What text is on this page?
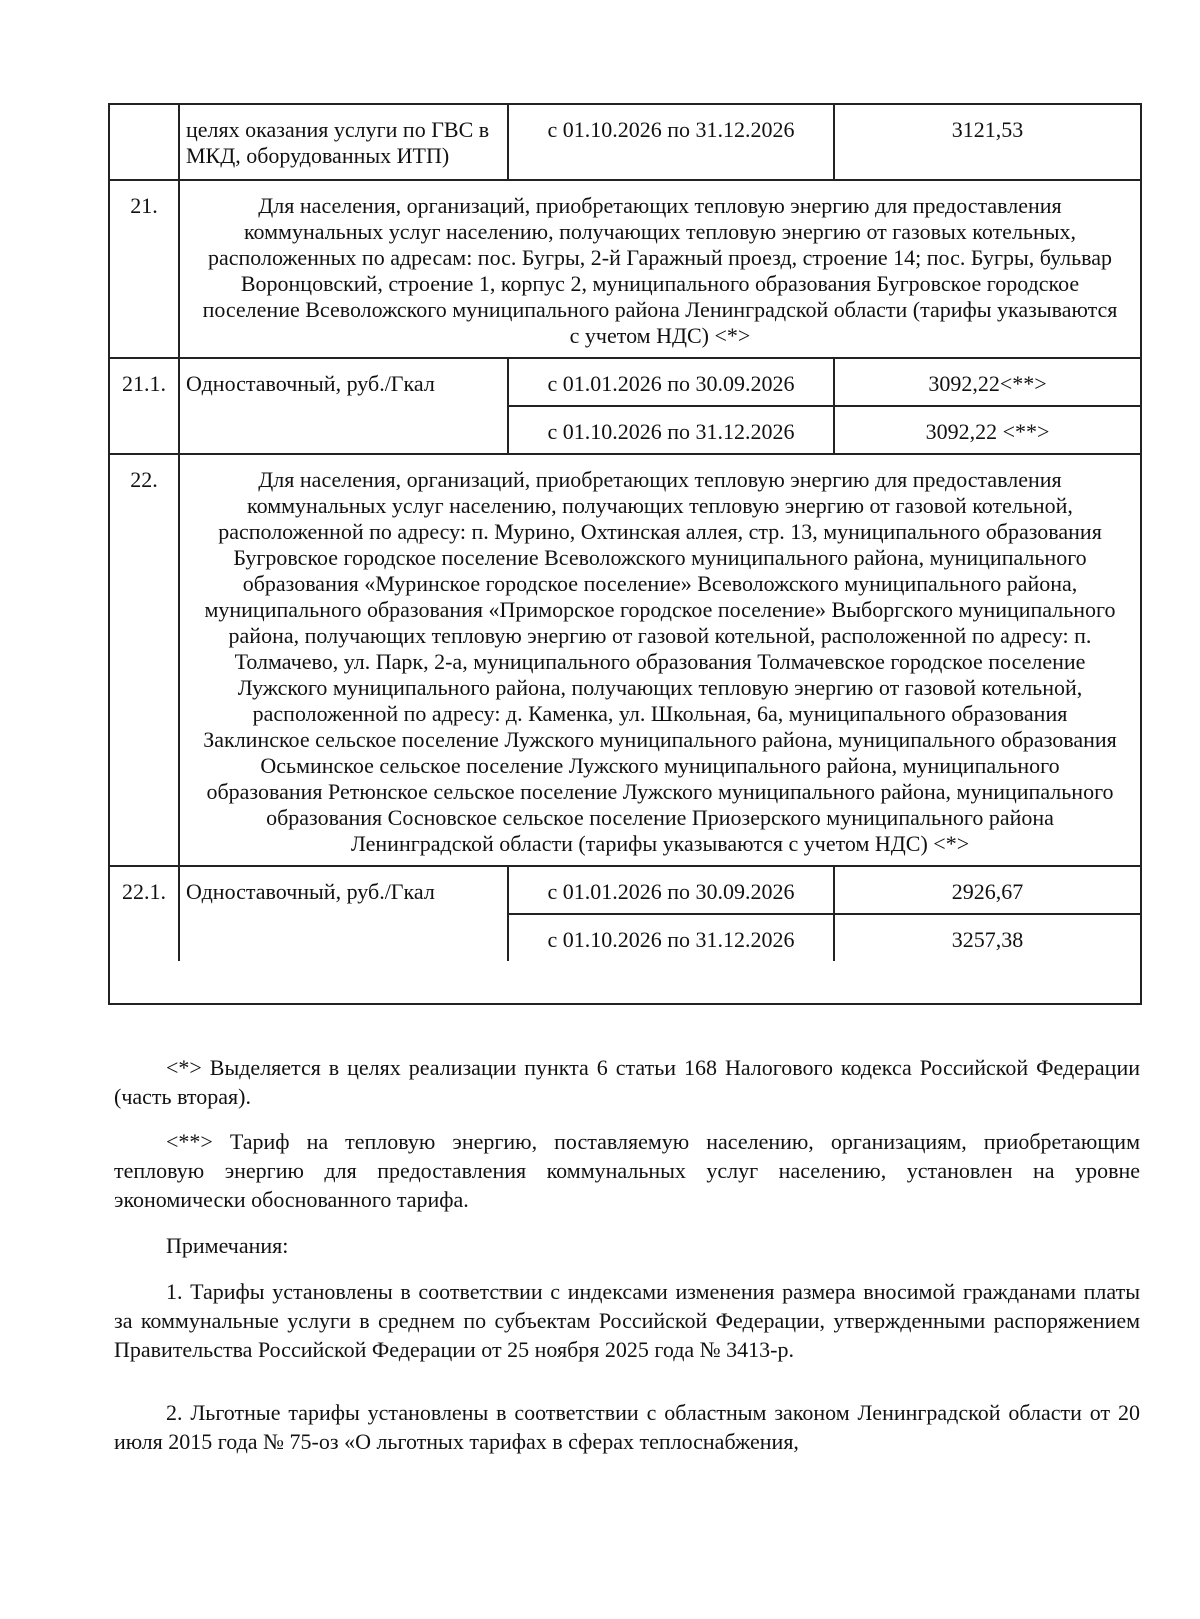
	целях оказания услуги по ГВС в МКД, оборудованных ИТП)	с 01.10.2026 по 31.12.2026	3121,53
21.	Для населения, организаций, приобретающих тепловую энергию для предоставления коммунальных услуг населению, получающих тепловую энергию от газовых котельных, расположенных по адресам: пос. Бугры, 2-й Гаражный проезд, строение 14; пос. Бугры, бульвар Воронцовский, строение 1, корпус 2, муниципального образования Бугровское городское поселение Всеволожского муниципального района Ленинградской области (тарифы указываются с учетом НДС) <*>		
21.1.	Одноставочный, руб./Гкал	с 01.01.2026 по 30.09.2026	3092,22<**>
		с 01.10.2026 по 31.12.2026	3092,22 <**>
22.	Для населения, организаций, приобретающих тепловую энергию для предоставления коммунальных услуг населению, получающих тепловую энергию от газовой котельной, расположенной по адресу: п. Мурино, Охтинская аллея, стр. 13, муниципального образования Бугровское городское поселение Всеволожского муниципального района, муниципального образования «Муринское городское поселение» Всеволожского муниципального района, муниципального образования «Приморское городское поселение» Выборгского муниципального района, получающих тепловую энергию от газовой котельной, расположенной по адресу: п. Толмачево, ул. Парк, 2-а, муниципального образования Толмачевское городское поселение Лужского муниципального района, получающих тепловую энергию от газовой котельной, расположенной по адресу: д. Каменка, ул. Школьная, 6а, муниципального образования Заклинское сельское поселение Лужского муниципального района, муниципального образования Осьминское сельское поселение Лужского муниципального района, муниципального образования Ретюнское сельское поселение Лужского муниципального района, муниципального образования Сосновское сельское поселение Приозерского муниципального района Ленинградской области (тарифы указываются с учетом НДС) <*>		
22.1.	Одноставочный, руб./Гкал	с 01.01.2026 по 30.09.2026	2926,67
		с 01.10.2026 по 31.12.2026	3257,38

<*> Выделяется в целях реализации пункта 6 статьи 168 Налогового кодекса Российской Федерации (часть вторая).

<**> Тариф на тепловую энергию, поставляемую населению, организациям, приобретающим тепловую энергию для предоставления коммунальных услуг населению, установлен на уровне экономически обоснованного тарифа.

Примечания:

1. Тарифы установлены в соответствии с индексами изменения размера вносимой гражданами платы за коммунальные услуги в среднем по субъектам Российской Федерации, утвержденными распоряжением Правительства Российской Федерации от 25 ноября 2025 года № 3413-р.

2. Льготные тарифы установлены в соответствии с областным законом Ленинградской области от 20 июля 2015 года № 75-оз «О льготных тарифах в сферах теплоснабжения,
